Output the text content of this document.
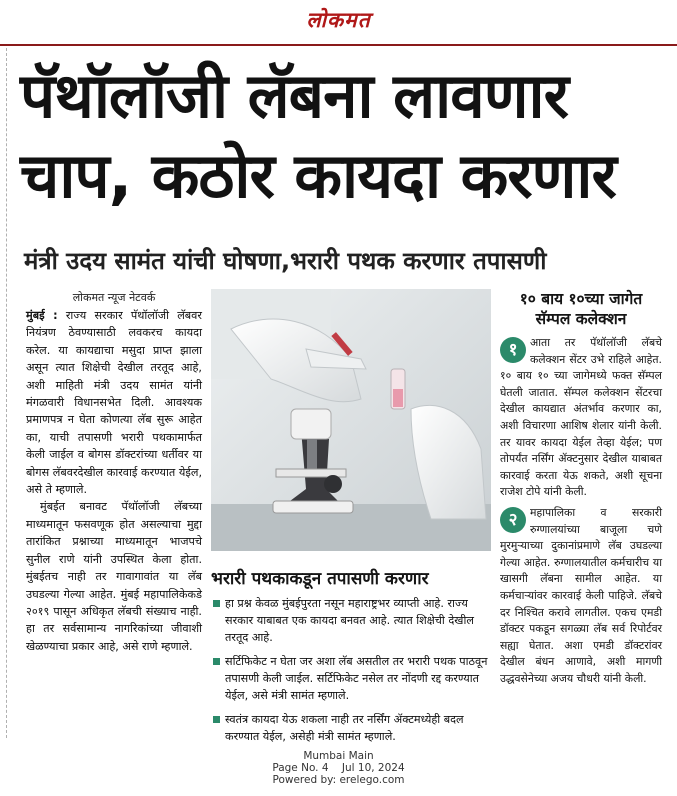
लोकमत
पॅथॉलॉजी लॅबना लावणार
चाप, कठोर कायदा करणार
मंत्री उदय सामंत यांची घोषणा,भरारी पथक करणार तपासणी
लोकमत न्यूज नेटवर्क

मुंबई : राज्य सरकार पॅथॉलॉजी लॅबवर नियंत्रण ठेवण्यासाठी लवकरच कायदा करेल. या कायद्याचा मसुदा प्राप्त झाला असून त्यात शिक्षेची देखील तरतूद आहे, अशी माहिती मंत्री उदय सामंत यांनी मंगळवारी विधानसभेत दिली. आवश्यक प्रमाणपत्र न घेता कोणत्या लॅब सुरू आहेत का, याची तपासणी भरारी पथकामार्फत केली जाईल व बोगस डॉक्टरांच्या धर्तीवर या बोगस लॅबवरदेखील कारवाई करण्यात येईल, असे ते म्हणाले.

मुंबईत बनावट पॅथॉलॉजी लॅबच्या माध्यमातून फसवणूक होत असल्याचा मुद्दा तारांकित प्रश्नाच्या माध्यमातून भाजपचे सुनील राणे यांनी उपस्थित केला होता. मुंबईतच नाही तर गावागावांत या लॅब उघडल्या गेल्या आहेत. मुंबई महापालिकेकडे २०१९ पासून अधिकृत लॅबची संख्याच नाही. हा तर सर्वसामान्य नागरिकांच्या जीवाशी खेळण्याचा प्रकार आहे, असे राणे म्हणाले.

भरारी पथकाकडून तपासणी करणार
हा प्रश्न केवळ मुंबईपुरता नसून महाराष्ट्रभर व्याप्ती आहे. राज्य सरकार याबाबत एक कायदा बनवत आहे. त्यात शिक्षेची देखील तरतूद आहे.
सर्टिफिकेट न घेता जर अशा लॅब असतील तर भरारी पथक पाठवून तपासणी केली जाईल. सर्टिफिकेट नसेल तर नोंदणी रद्द करण्यात येईल, असे मंत्री सामंत म्हणाले.
स्वतंत्र कायदा येऊ शकला नाही तर नर्सिंग ॲक्टमध्येही बदल करण्यात येईल, असेही मंत्री सामंत म्हणाले.
१० बाय १०च्या जागेत सॅम्पल कलेक्शन

१	आता तर पॅथॉलॉजी लॅबचे कलेक्शन सेंटर उभे राहिले आहेत. १० बाय १० च्या जागेमध्ये फक्त सॅम्पल घेतली जातात. सॅम्पल कलेक्शन सेंटरचा देखील कायद्यात अंतर्भाव करणार का, अशी विचारणा आशिष शेलार यांनी केली. तर यावर कायदा येईल तेव्हा येईल; पण तोपर्यंत नर्सिंग ॲक्टनुसार देखील याबाबत कारवाई करता येऊ शकते, अशी सूचना राजेश टोपे यांनी केली.

२	महापालिका व सरकारी रुग्णालयांच्या बाजूला चणे मुरमुऱ्याच्या दुकानांप्रमाणे लॅब उघडल्या गेल्या आहेत. रुग्णालयातील कर्मचारीच या खासगी लॅबना सामील आहेत. या कर्मचाऱ्यांवर कारवाई केली पाहिजे. लॅबचे दर निश्चित करावे लागतील. एकच एमडी डॉक्टर पकडून सगळ्या लॅब सर्व रिपोर्टवर सह्या घेतात. अशा एमडी डॉक्टरांवर देखील बंधन आणावे, अशी मागणी उद्धवसेनेच्या अजय चौधरी यांनी केली.

Mumbai Main
Page No. 4    Jul 10, 2024
Powered by: erelego.com
